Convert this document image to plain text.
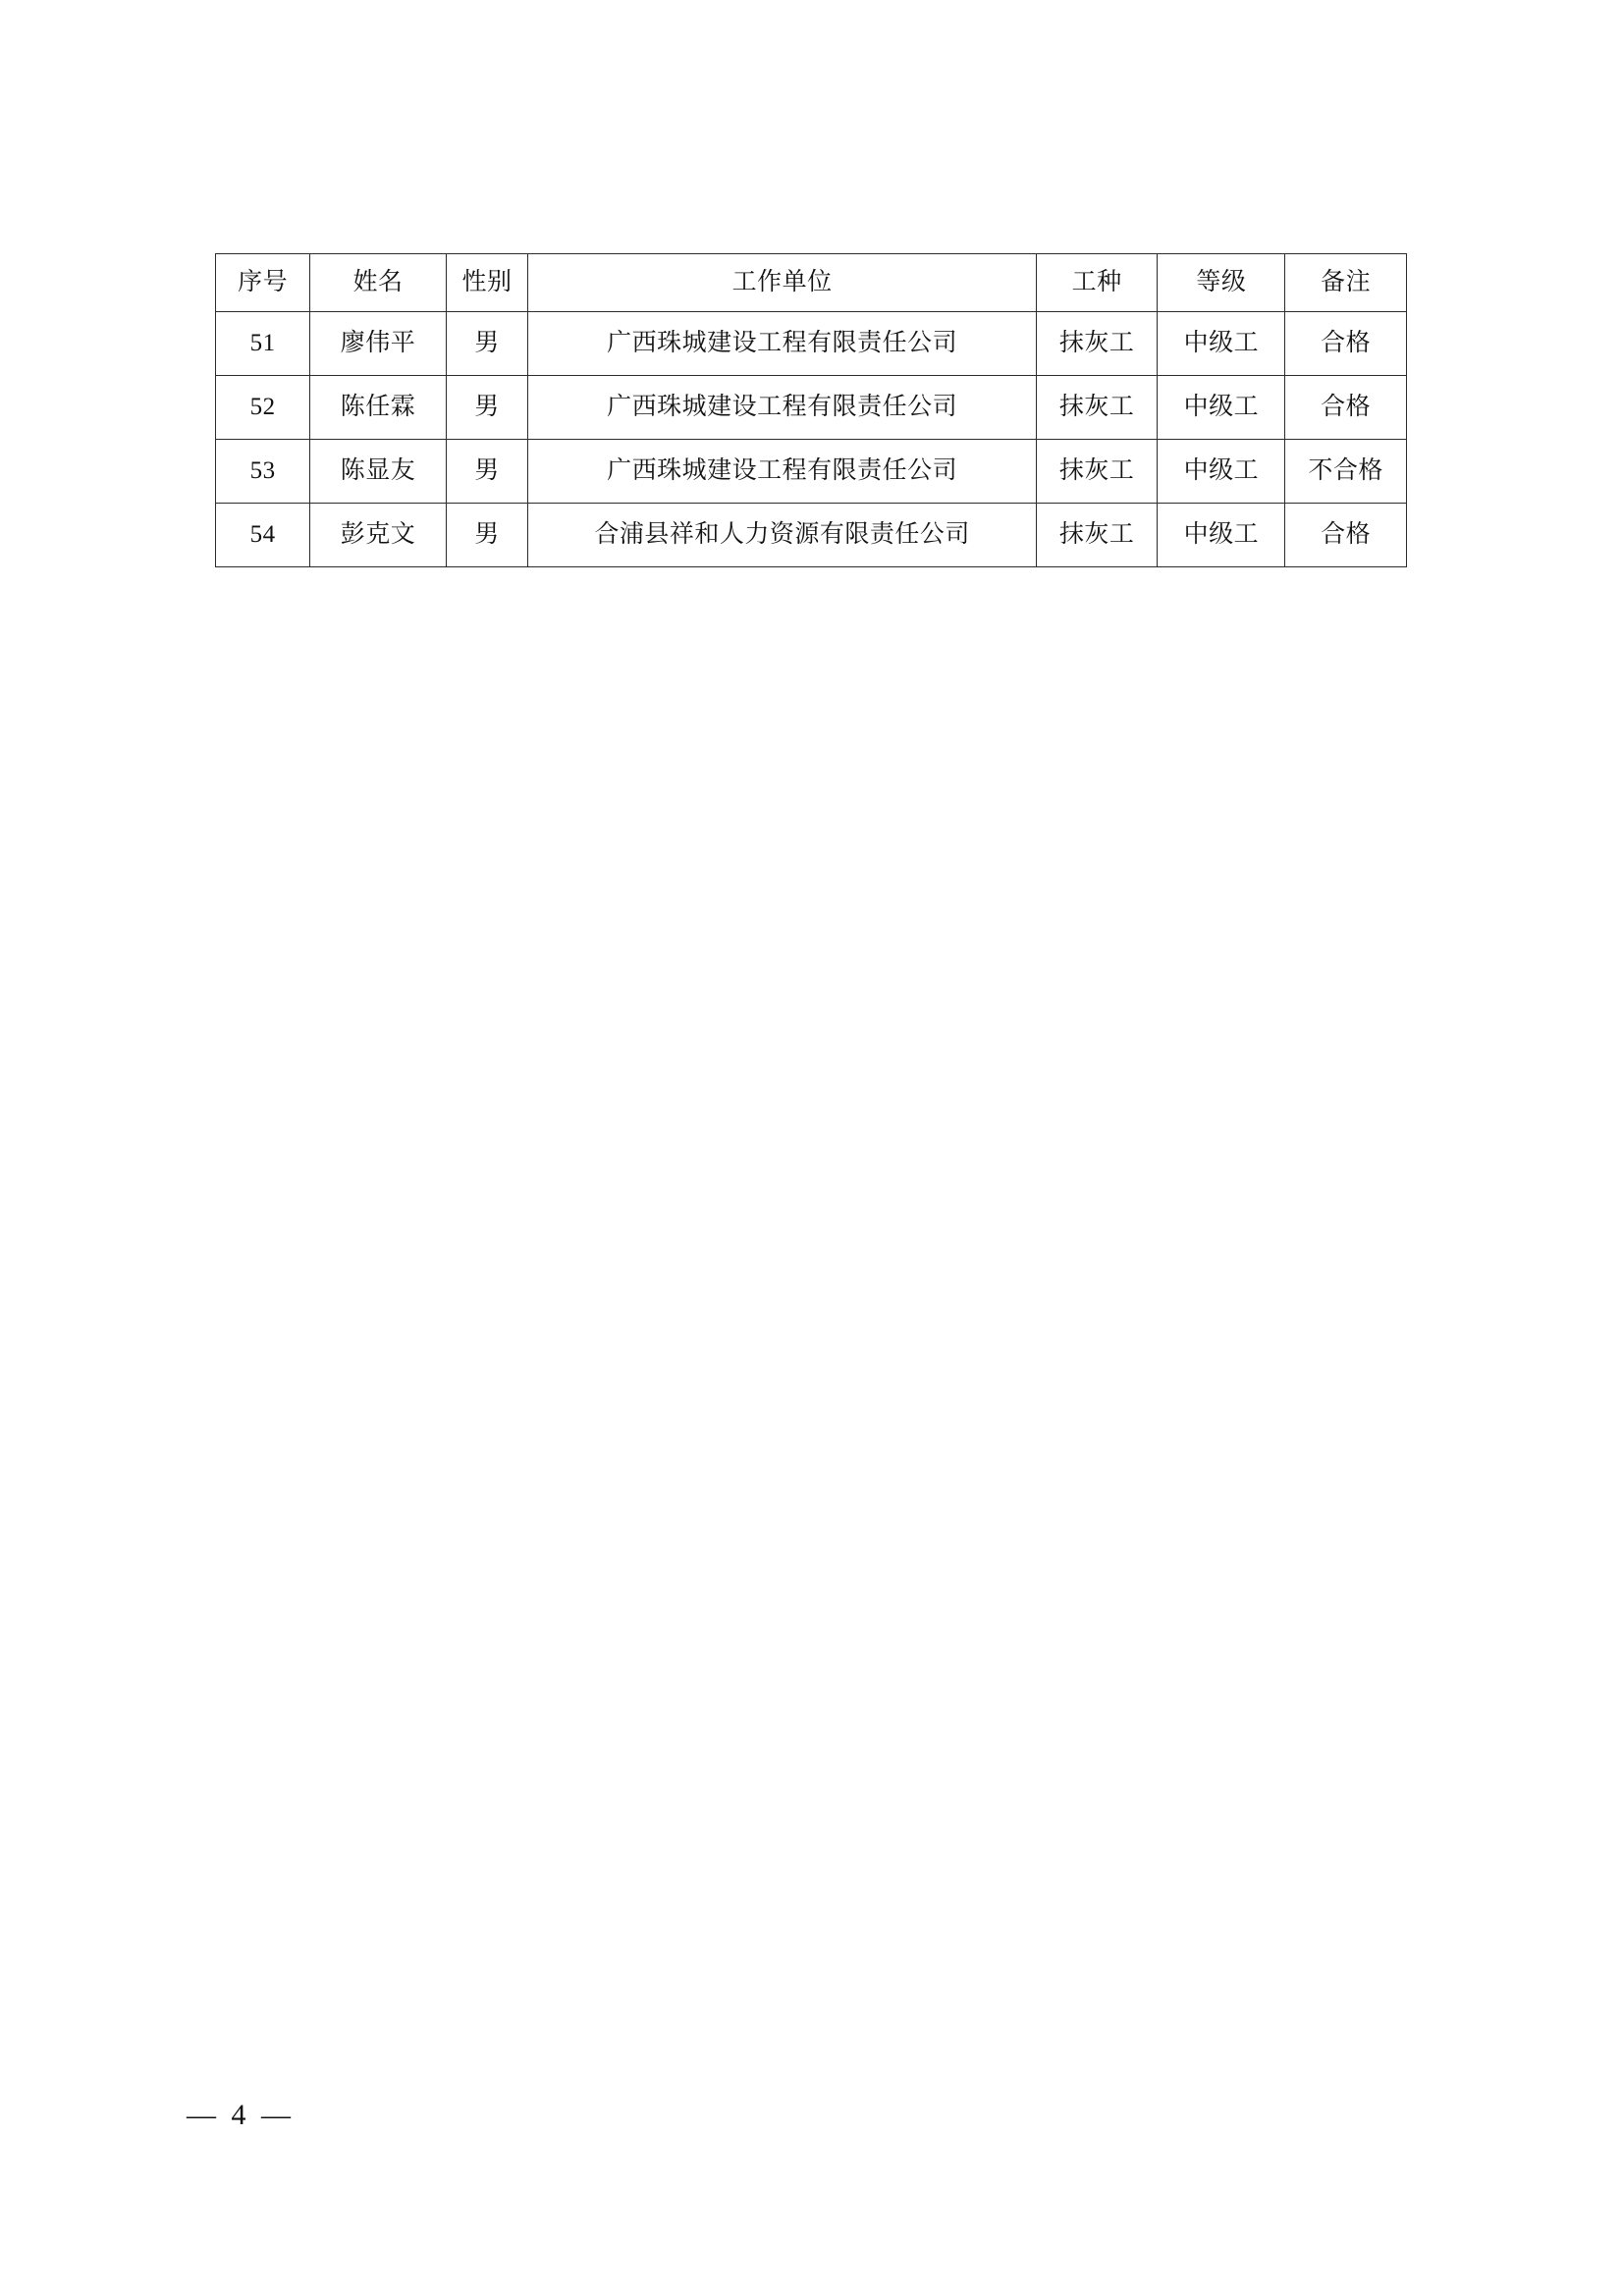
序号	姓名	性别	工作单位	工种	等级	备注
51	廖伟平	男	广西珠城建设工程有限责任公司	抹灰工	中级工	合格
52	陈任霖	男	广西珠城建设工程有限责任公司	抹灰工	中级工	合格
53	陈显友	男	广西珠城建设工程有限责任公司	抹灰工	中级工	不合格
54	彭克文	男	合浦县祥和人力资源有限责任公司	抹灰工	中级工	合格
— 4 —
